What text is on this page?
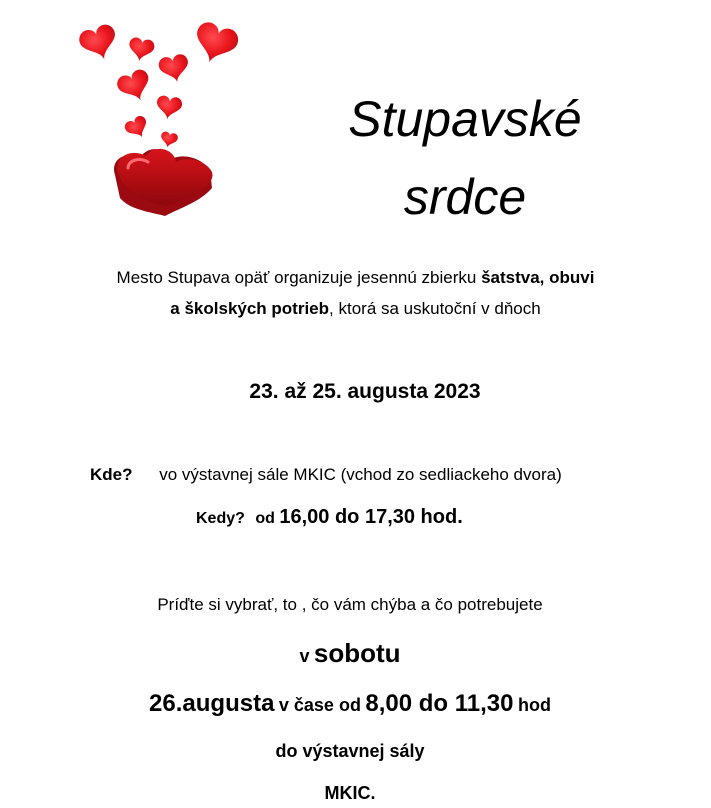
Stupavské
srdce
Mesto Stupava opäť organizuje jesennú zbierku šatstva, obuvi
a školských potrieb, ktorá sa uskutoční v dňoch
23. až 25. augusta 2023
Kde? vo výstavnej sále MKIC (vchod zo sedliackeho dvora)
Kedy? od 16,00 do 17,30 hod.
Príďte si vybrať, to , čo vám chýba a čo potrebujete
v sobotu
26.augusta v čase od 8,00 do 11,30 hod
do výstavnej sály
MKIC.
